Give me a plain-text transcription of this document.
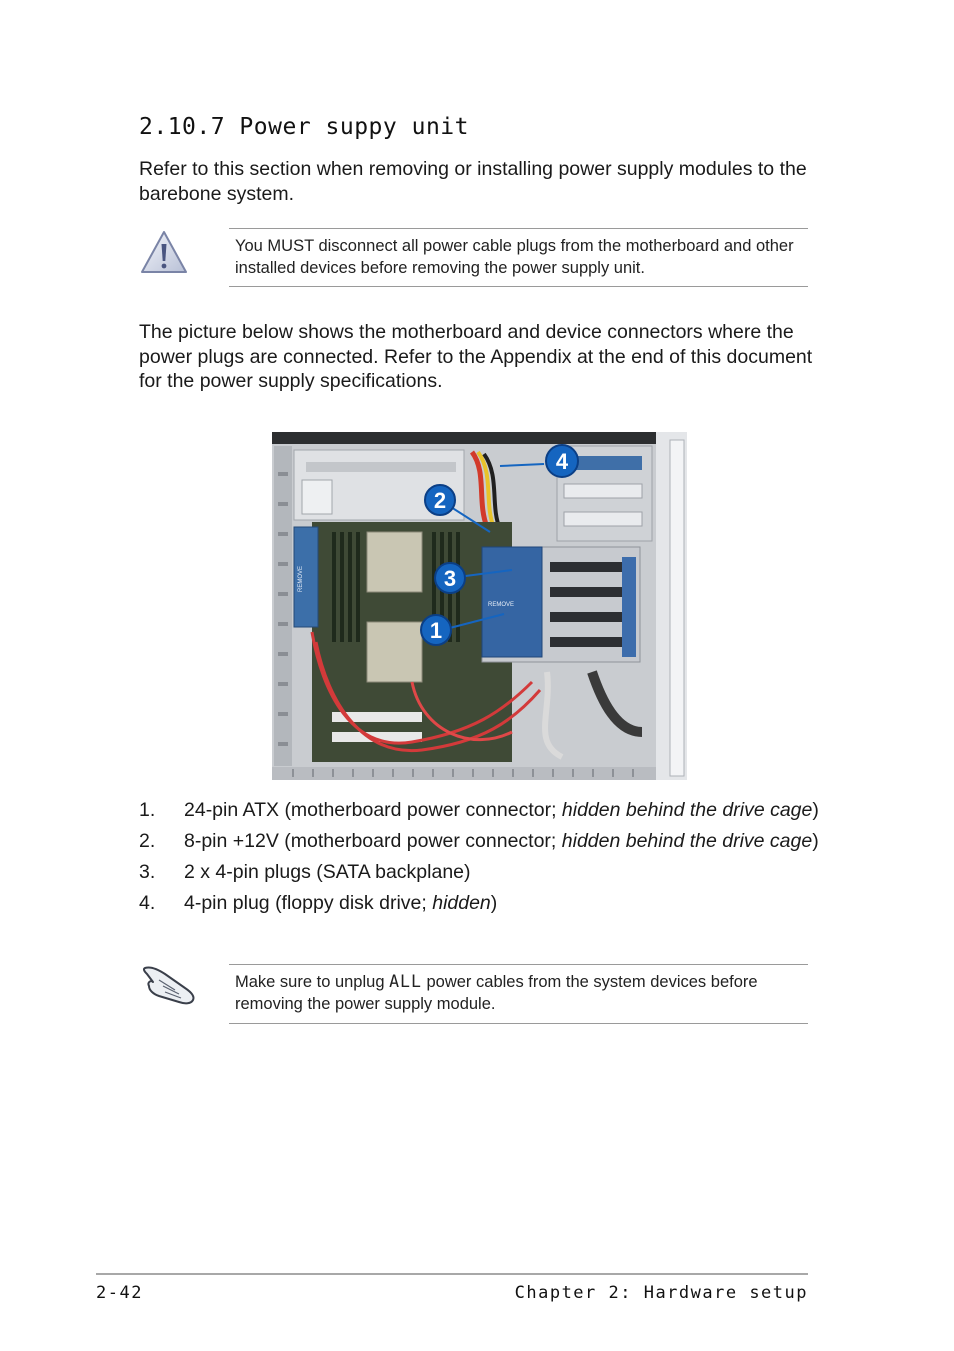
2.10.7 Power suppy unit
Refer to this section when removing or installing power supply modules to the barebone system.
You MUST disconnect all power cable plugs from the motherboard and other installed devices before removing the power supply unit.
The picture below shows the motherboard and device connectors where the power plugs are connected. Refer to the Appendix at the end of this document for the power supply specifications.
4
2
3
1
REMOVE
REMOVE
1.	24-pin ATX (motherboard power connector; hidden behind the drive cage)
2.	8-pin +12V (motherboard power connector; hidden behind the drive cage)
3.	2 x 4-pin plugs (SATA backplane)
4.	4-pin plug (floppy disk drive; hidden)
Make sure to unplug ALL power cables from the system devices before removing the power supply module.
2-42	Chapter 2: Hardware setup
